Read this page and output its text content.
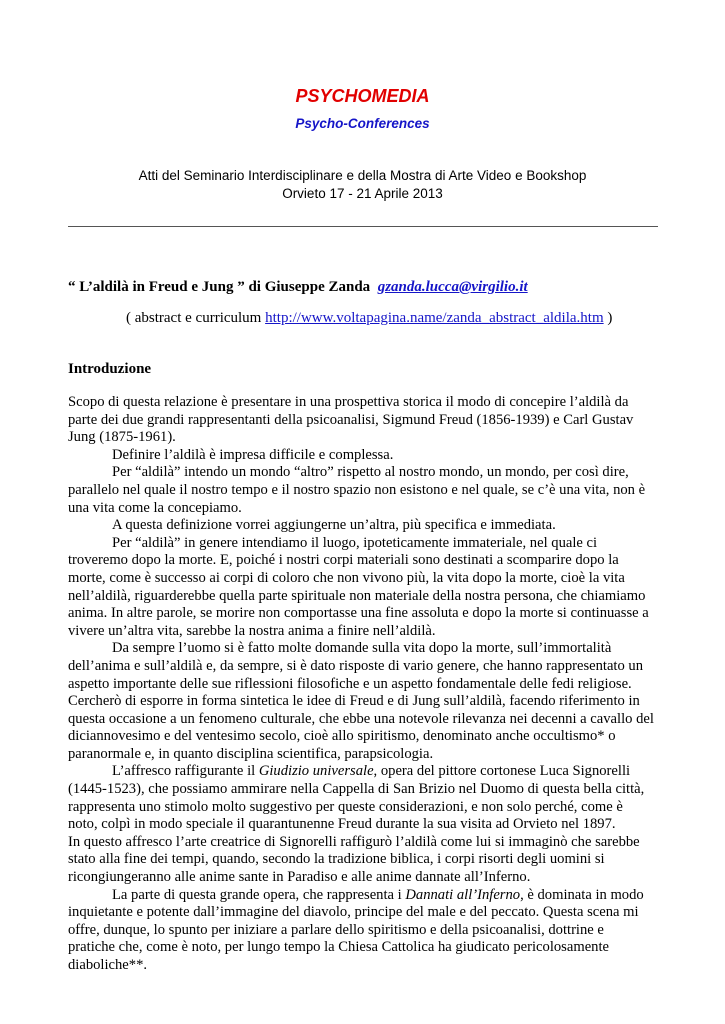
PSYCHOMEDIA
Psycho-Conferences
Atti del Seminario Interdisciplinare e della Mostra di Arte Video e Bookshop
Orvieto 17 - 21 Aprile 2013
“ L’aldilà in Freud e Jung ” di Giuseppe Zanda gzanda.lucca@virgilio.it
( abstract e curriculum http://www.voltapagina.name/zanda_abstract_aldila.htm )
Introduzione
Scopo di questa relazione è presentare in una prospettiva storica il modo di concepire l’aldilà da
parte dei due grandi rappresentanti della psicoanalisi, Sigmund Freud (1856-1939) e Carl Gustav
Jung (1875-1961).
Definire l’aldilà è impresa difficile e complessa.
Per “aldilà” intendo un mondo “altro” rispetto al nostro mondo, un mondo, per così dire,
parallelo nel quale il nostro tempo e il nostro spazio non esistono e nel quale, se c’è una vita, non è
una vita come la concepiamo.
A questa definizione vorrei aggiungerne un’altra, più specifica e immediata.
Per “aldilà” in genere intendiamo il luogo, ipoteticamente immateriale, nel quale ci
troveremo dopo la morte. E, poiché i nostri corpi materiali sono destinati a scomparire dopo la
morte, come è successo ai corpi di coloro che non vivono più, la vita dopo la morte, cioè la vita
nell’aldilà, riguarderebbe quella parte spirituale non materiale della nostra persona, che chiamiamo
anima. In altre parole, se morire non comportasse una fine assoluta e dopo la morte si continuasse a
vivere un’altra vita, sarebbe la nostra anima a finire nell’aldilà.
Da sempre l’uomo si è fatto molte domande sulla vita dopo la morte, sull’immortalità
dell’anima e sull’aldilà e, da sempre, si è dato risposte di vario genere, che hanno rappresentato un
aspetto importante delle sue riflessioni filosofiche e un aspetto fondamentale delle fedi religiose.
Cercherò di esporre in forma sintetica le idee di Freud e di Jung sull’aldilà, facendo riferimento in
questa occasione a un fenomeno culturale, che ebbe una notevole rilevanza nei decenni a cavallo del
diciannovesimo e del ventesimo secolo, cioè allo spiritismo, denominato anche occultismo* o
paranormale e, in quanto disciplina scientifica, parapsicologia.
L’affresco raffigurante il Giudizio universale, opera del pittore cortonese Luca Signorelli
(1445-1523), che possiamo ammirare nella Cappella di San Brizio nel Duomo di questa bella città,
rappresenta uno stimolo molto suggestivo per queste considerazioni, e non solo perché, come è
noto, colpì in modo speciale il quarantunenne Freud durante la sua visita ad Orvieto nel 1897.
In questo affresco l’arte creatrice di Signorelli raffigurò l’aldilà come lui si immaginò che sarebbe
stato alla fine dei tempi, quando, secondo la tradizione biblica, i corpi risorti degli uomini si
ricongiungeranno alle anime sante in Paradiso e alle anime dannate all’Inferno.
La parte di questa grande opera, che rappresenta i Dannati all’Inferno, è dominata in modo
inquietante e potente dall’immagine del diavolo, principe del male e del peccato. Questa scena mi
offre, dunque, lo spunto per iniziare a parlare dello spiritismo e della psicoanalisi, dottrine e
pratiche che, come è noto, per lungo tempo la Chiesa Cattolica ha giudicato pericolosamente
diaboliche**.
